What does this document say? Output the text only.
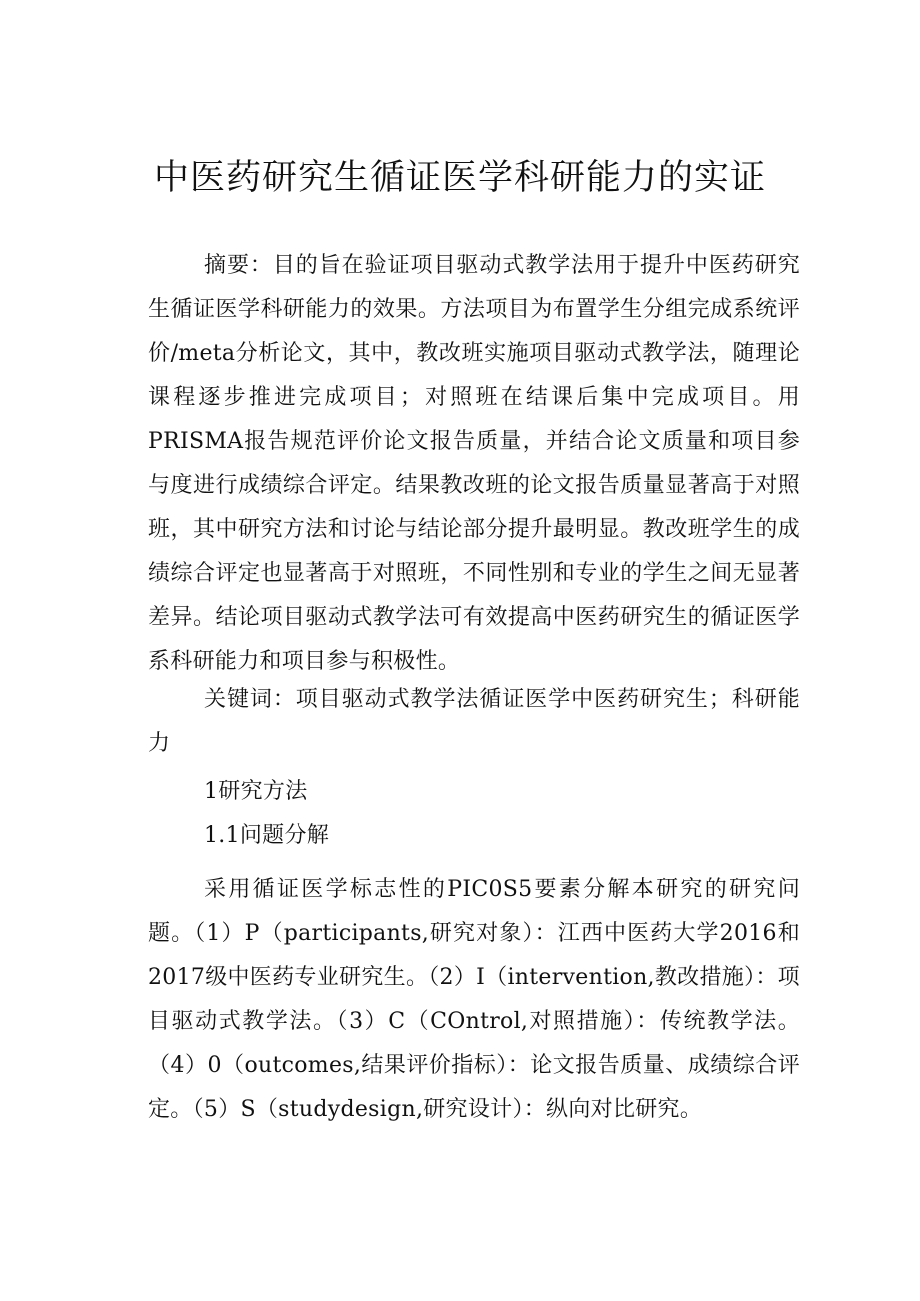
中医药研究生循证医学科研能力的实证

摘要：目的旨在验证项目驱动式教学法用于提升中医药研究生循证医学科研能力的效果。方法项目为布置学生分组完成系统评价/meta分析论文，其中，教改班实施项目驱动式教学法，随理论课程逐步推进完成项目；对照班在结课后集中完成项目。用PRISMA报告规范评价论文报告质量，并结合论文质量和项目参与度进行成绩综合评定。结果教改班的论文报告质量显著高于对照班，其中研究方法和讨论与结论部分提升最明显。教改班学生的成绩综合评定也显著高于对照班，不同性别和专业的学生之间无显著差异。结论项目驱动式教学法可有效提高中医药研究生的循证医学系科研能力和项目参与积极性。

关键词：项目驱动式教学法循证医学中医药研究生；科研能力

1研究方法

1.1问题分解

采用循证医学标志性的PIC0S5要素分解本研究的研究问题。（1）P（participants,研究对象）：江西中医药大学2016和2017级中医药专业研究生。（2）I（intervention,教改措施）：项目驱动式教学法。（3）C（COntrol,对照措施）：传统教学法。（4）0（outcomes,结果评价指标）：论文报告质量、成绩综合评定。（5）S（studydesign,研究设计）：纵向对比研究。
